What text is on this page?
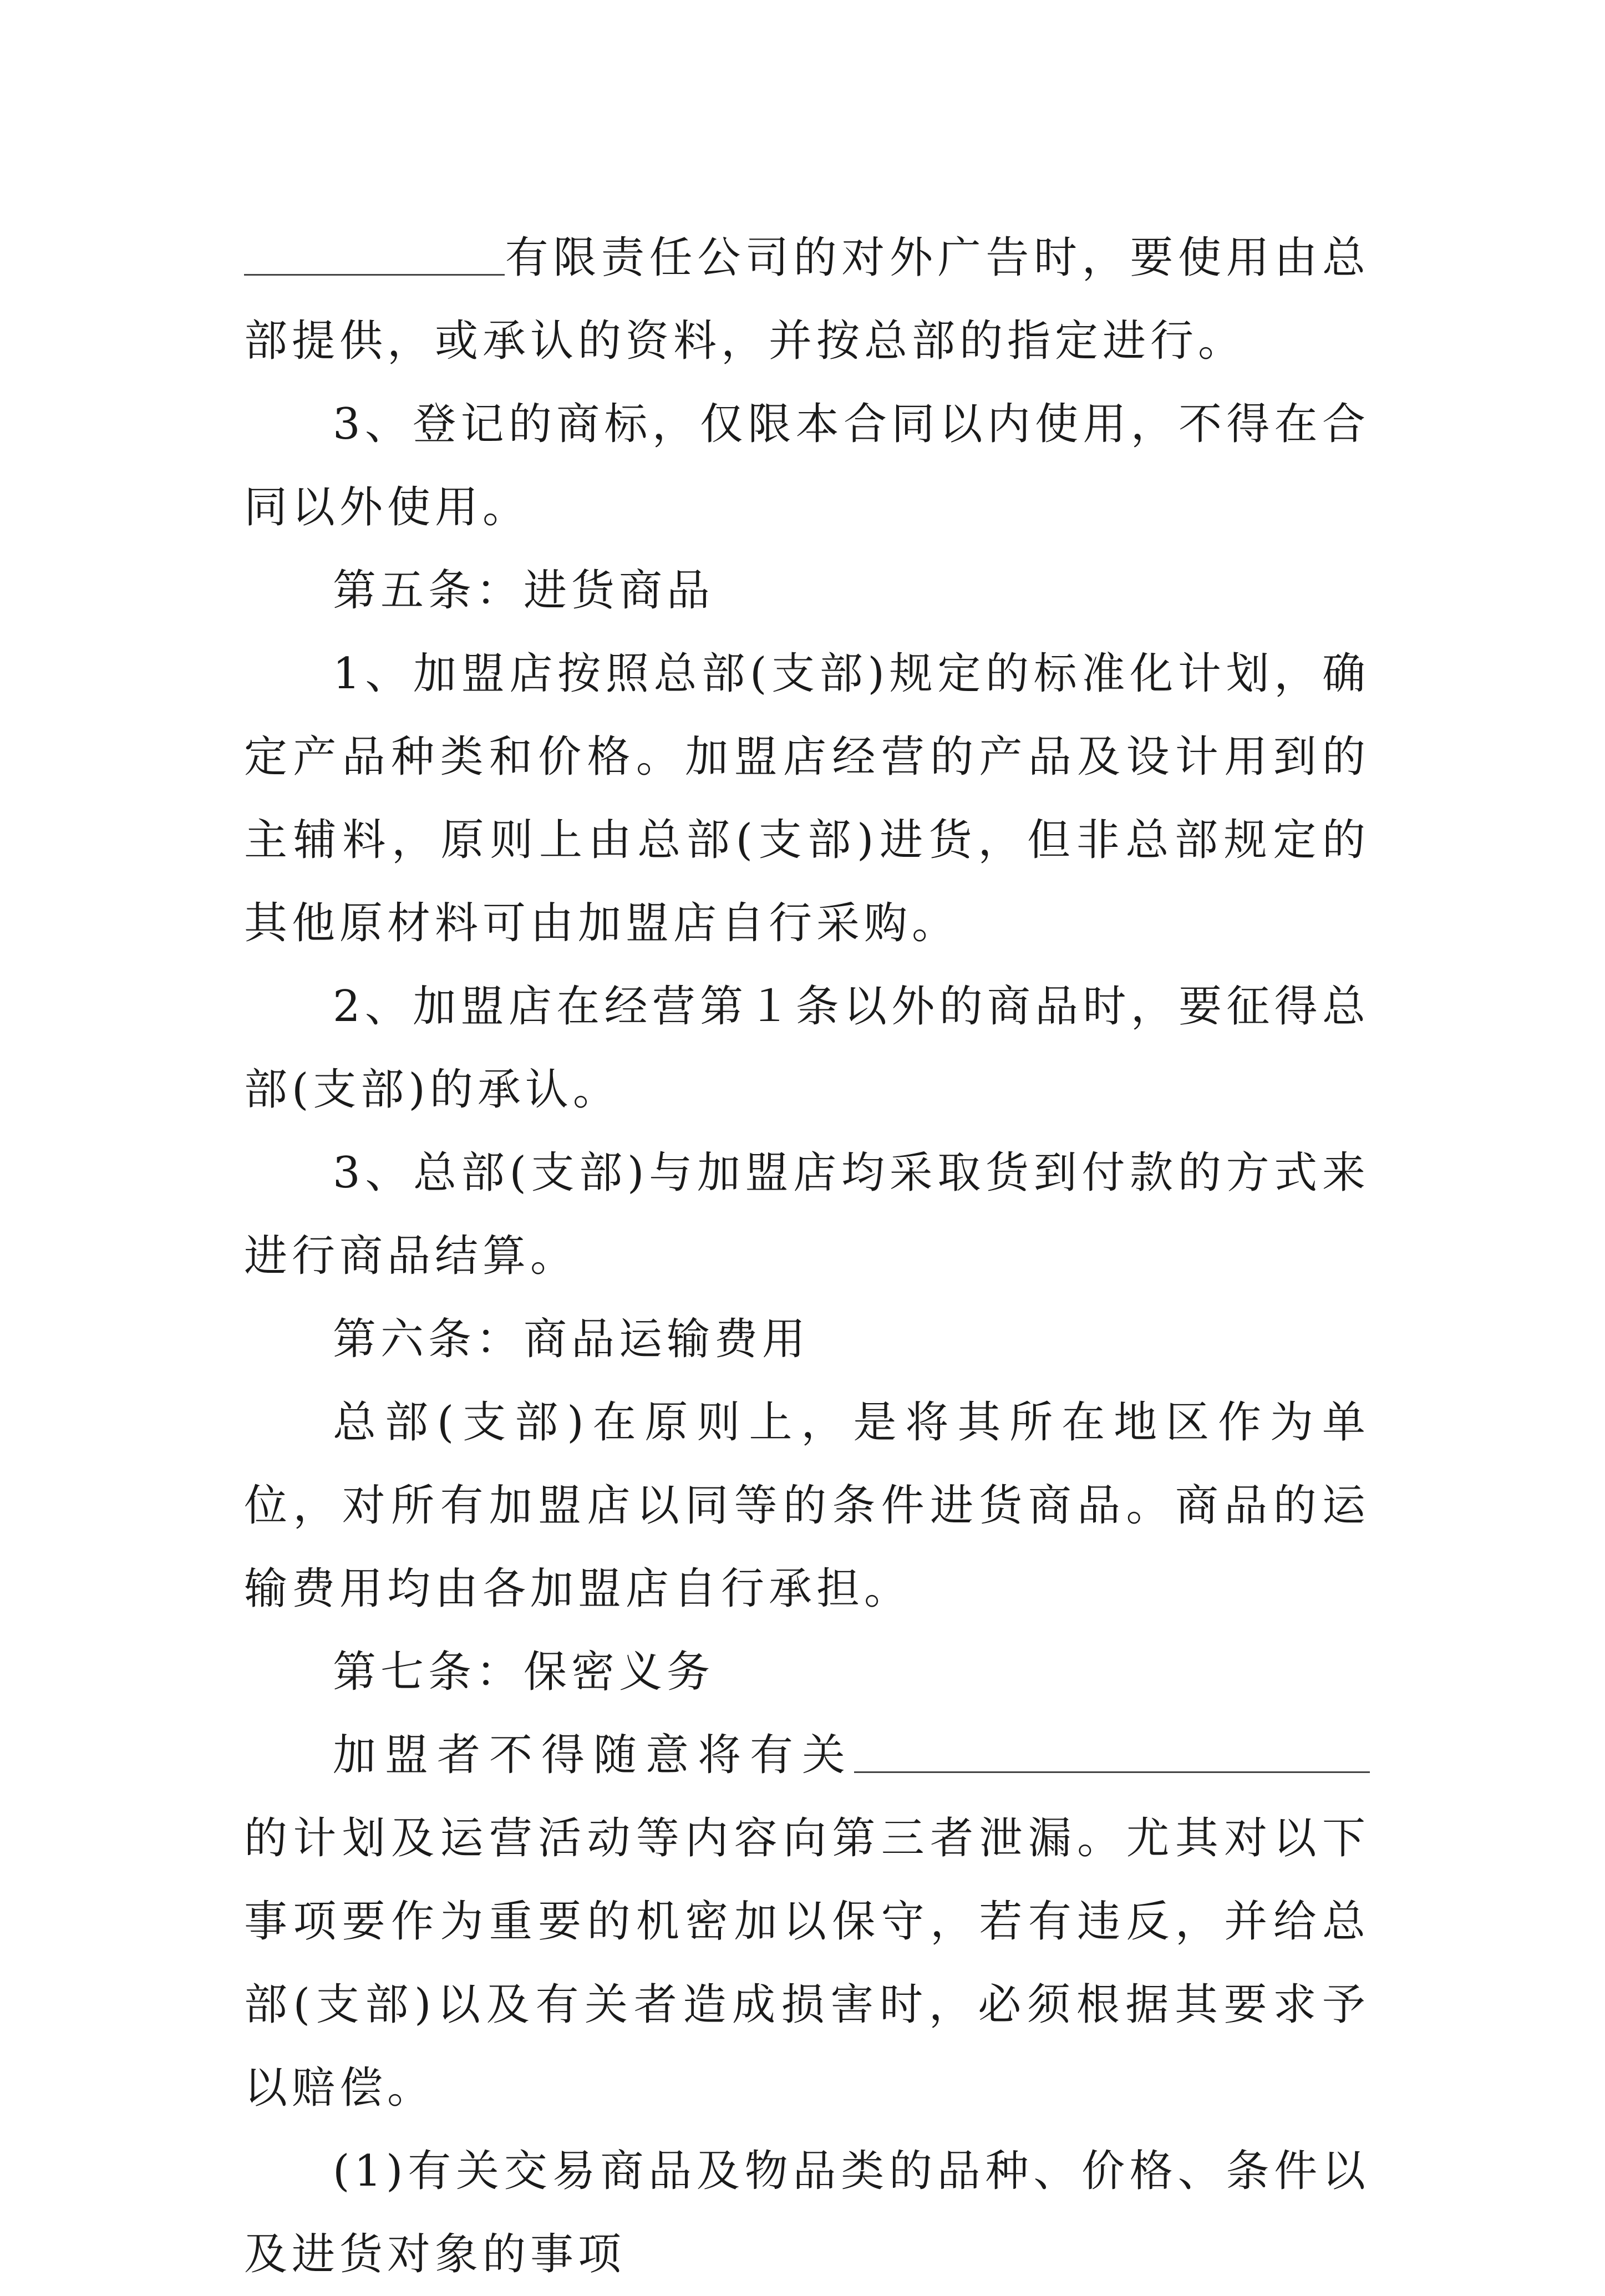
有限责任公司的对外广告时，要使用由总部提供，或承认的资料，并按总部的指定进行。

3、登记的商标，仅限本合同以内使用，不得在合同以外使用。

第五条：进货商品

1、加盟店按照总部(支部)规定的标准化计划，确定产品种类和价格。加盟店经营的产品及设计用到的主辅料，原则上由总部(支部)进货，但非总部规定的其他原材料可由加盟店自行采购。

2、加盟店在经营第１条以外的商品时，要征得总部(支部)的承认。

3、总部(支部)与加盟店均采取货到付款的方式来进行商品结算。

第六条：商品运输费用

总部(支部)在原则上，是将其所在地区作为单位，对所有加盟店以同等的条件进货商品。商品的运输费用均由各加盟店自行承担。

第七条：保密义务

加盟者不得随意将有关的计划及运营活动等内容向第三者泄漏。尤其对以下事项要作为重要的机密加以保守，若有违反，并给总部(支部)以及有关者造成损害时，必须根据其要求予以赔偿。

(1)有关交易商品及物品类的品种、价格、条件以及进货对象的事项
